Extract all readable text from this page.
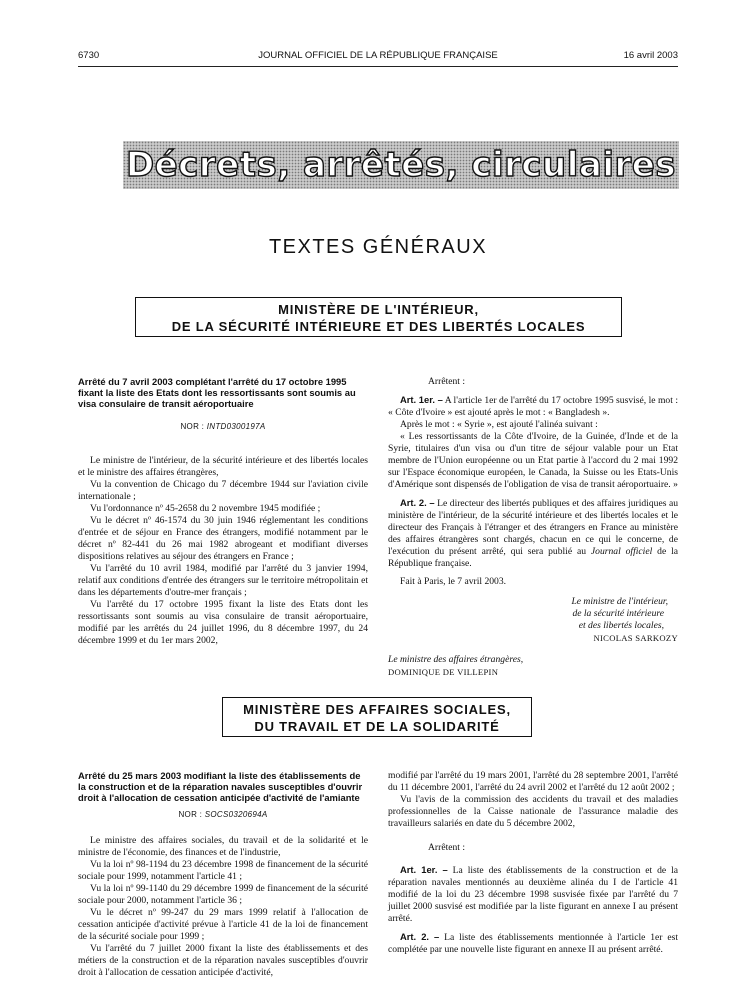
6730	JOURNAL OFFICIEL DE LA RÉPUBLIQUE FRANÇAISE	16 avril 2003
Décrets, arrêtés, circulaires
TEXTES GÉNÉRAUX
MINISTÈRE DE L'INTÉRIEUR,
DE LA SÉCURITÉ INTÉRIEURE ET DES LIBERTÉS LOCALES

Arrêté du 7 avril 2003 complétant l'arrêté du 17 octobre 1995 fixant la liste des Etats dont les ressortissants sont soumis au visa consulaire de transit aéroportuaire

NOR : INTD0300197A

Le ministre de l'intérieur, de la sécurité intérieure et des libertés locales et le ministre des affaires étrangères,

Vu la convention de Chicago du 7 décembre 1944 sur l'aviation civile internationale ;

Vu l'ordonnance nº 45-2658 du 2 novembre 1945 modifiée ;

Vu le décret nº 46-1574 du 30 juin 1946 réglementant les conditions d'entrée et de séjour en France des étrangers, modifié notamment par le décret nº 82-441 du 26 mai 1982 abrogeant et modifiant diverses dispositions relatives au séjour des étrangers en France ;

Vu l'arrêté du 10 avril 1984, modifié par l'arrêté du 3 janvier 1994, relatif aux conditions d'entrée des étrangers sur le territoire métropolitain et dans les départements d'outre-mer français ;

Vu l'arrêté du 17 octobre 1995 fixant la liste des Etats dont les ressortissants sont soumis au visa consulaire de transit aéroportuaire, modifié par les arrêtés du 24 juillet 1996, du 8 décembre 1997, du 24 décembre 1999 et du 1er mars 2002,

Arrêtent :

Art. 1er. – A l'article 1er de l'arrêté du 17 octobre 1995 susvisé, le mot : « Côte d'Ivoire » est ajouté après le mot : « Bangladesh ».

Après le mot : « Syrie », est ajouté l'alinéa suivant :

« Les ressortissants de la Côte d'Ivoire, de la Guinée, d'Inde et de la Syrie, titulaires d'un visa ou d'un titre de séjour valable pour un Etat membre de l'Union européenne ou un Etat partie à l'accord du 2 mai 1992 sur l'Espace économique européen, le Canada, la Suisse ou les Etats-Unis d'Amérique sont dispensés de l'obligation de visa de transit aéroportuaire. »

Art. 2. – Le directeur des libertés publiques et des affaires juridiques au ministère de l'intérieur, de la sécurité intérieure et des libertés locales et le directeur des Français à l'étranger et des étrangers en France au ministère des affaires étrangères sont chargés, chacun en ce qui le concerne, de l'exécution du présent arrêté, qui sera publié au Journal officiel de la République française.

Fait à Paris, le 7 avril 2003.

Le ministre de l'intérieur,

de la sécurité intérieure

et des libertés locales,

NICOLAS SARKOZY

Le ministre des affaires étrangères,

DOMINIQUE DE VILLEPIN

MINISTÈRE DES AFFAIRES SOCIALES,
DU TRAVAIL ET DE LA SOLIDARITÉ

Arrêté du 25 mars 2003 modifiant la liste des établissements de la construction et de la réparation navales susceptibles d'ouvrir droit à l'allocation de cessation anticipée d'activité de l'amiante

NOR : SOCS0320694A

Le ministre des affaires sociales, du travail et de la solidarité et le ministre de l'économie, des finances et de l'industrie,

Vu la loi nº 98-1194 du 23 décembre 1998 de financement de la sécurité sociale pour 1999, notamment l'article 41 ;

Vu la loi nº 99-1140 du 29 décembre 1999 de financement de la sécurité sociale pour 2000, notamment l'article 36 ;

Vu le décret nº 99-247 du 29 mars 1999 relatif à l'allocation de cessation anticipée d'activité prévue à l'article 41 de la loi de financement de la sécurité sociale pour 1999 ;

Vu l'arrêté du 7 juillet 2000 fixant la liste des établissements et des métiers de la construction et de la réparation navales susceptibles d'ouvrir droit à l'allocation de cessation anticipée d'activité,

modifié par l'arrêté du 19 mars 2001, l'arrêté du 28 septembre 2001, l'arrêté du 11 décembre 2001, l'arrêté du 24 avril 2002 et l'arrêté du 12 août 2002 ;

Vu l'avis de la commission des accidents du travail et des maladies professionnelles de la Caisse nationale de l'assurance maladie des travailleurs salariés en date du 5 décembre 2002,

Arrêtent :

Art. 1er. – La liste des établissements de la construction et de la réparation navales mentionnés au deuxième alinéa du I de l'article 41 modifié de la loi du 23 décembre 1998 susvisée fixée par l'arrêté du 7 juillet 2000 susvisé est modifiée par la liste figurant en annexe I au présent arrêté.

Art. 2. – La liste des établissements mentionnée à l'article 1er est complétée par une nouvelle liste figurant en annexe II au présent arrêté.
